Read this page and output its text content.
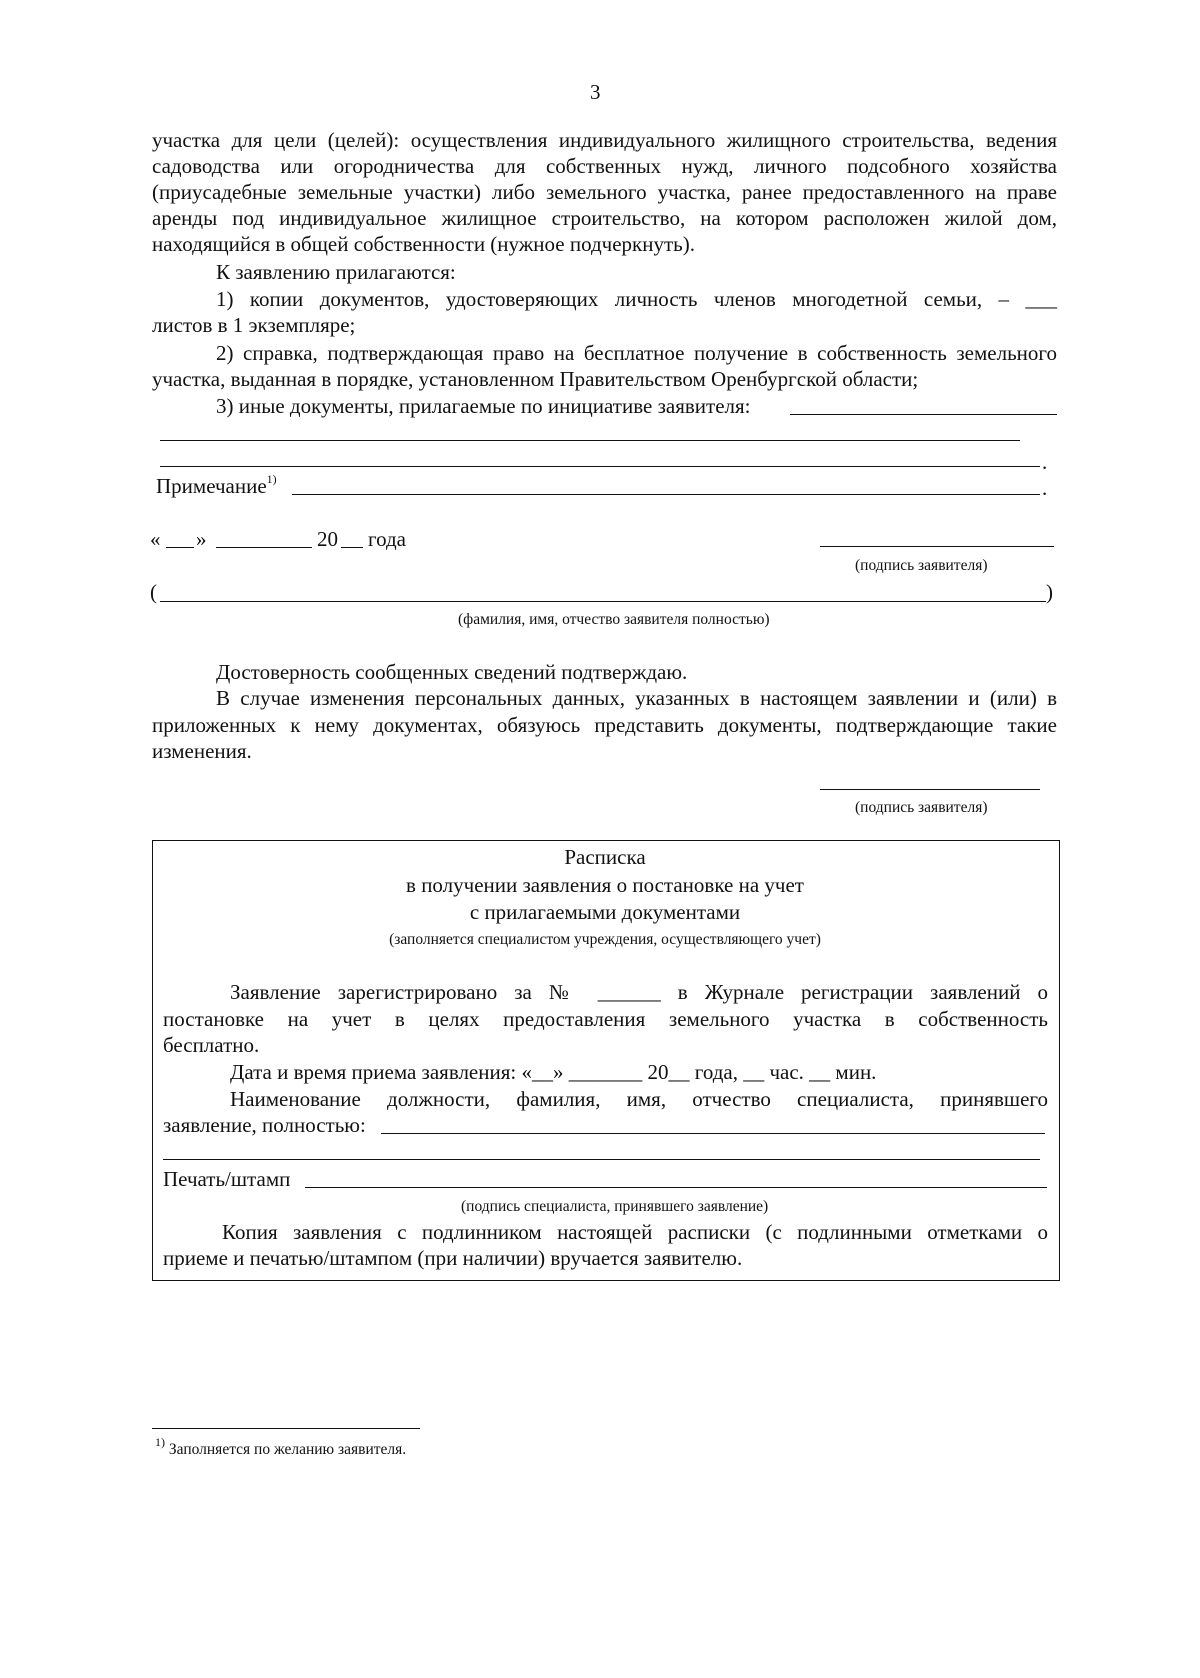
3
участка для цели (целей): осуществления индивидуального жилищного строительства, ведения
садоводства или огородничества для собственных нужд, личного подсобного хозяйства
(приусадебные земельные участки) либо земельного участка, ранее предоставленного на праве
аренды под индивидуальное жилищное строительство, на котором расположен жилой дом,
находящийся в общей собственности (нужное подчеркнуть).
К заявлению прилагаются:
1) копии документов, удостоверяющих личность членов многодетной семьи, – ___
листов в 1 экземпляре;
2) справка, подтверждающая право на бесплатное получение в собственность земельного
участка, выданная в порядке, установленном Правительством Оренбургской области;
3) иные документы, прилагаемые по инициативе заявителя:
.
Примечание$^{1)}$	.
« »	20 года
(подпись заявителя)
(	)
(фамилия, имя, отчество заявителя полностью)
Достоверность сообщенных сведений подтверждаю.
В случае изменения персональных данных, указанных в настоящем заявлении и (или) в
приложенных к нему документах, обязуюсь представить документы, подтверждающие такие
изменения.
(подпись заявителя)
Расписка
в получении заявления о постановке на учет
с прилагаемыми документами
(заполняется специалистом учреждения, осуществляющего учет)
Заявление зарегистрировано за № ______ в Журнале регистрации заявлений о
постановке на учет в целях предоставления земельного участка в собственность
бесплатно.
Дата и время приема заявления: «__» _______ 20__ года, __ час. __ мин.
Наименование должности, фамилия, имя, отчество специалиста, принявшего
заявление, полностью:
Печать/штамп
(подпись специалиста, принявшего заявление)
Копия заявления с подлинником настоящей расписки (с подлинными отметками о
приеме и печатью/штампом (при наличии) вручается заявителю.
$^{1)}$ Заполняется по желанию заявителя.
